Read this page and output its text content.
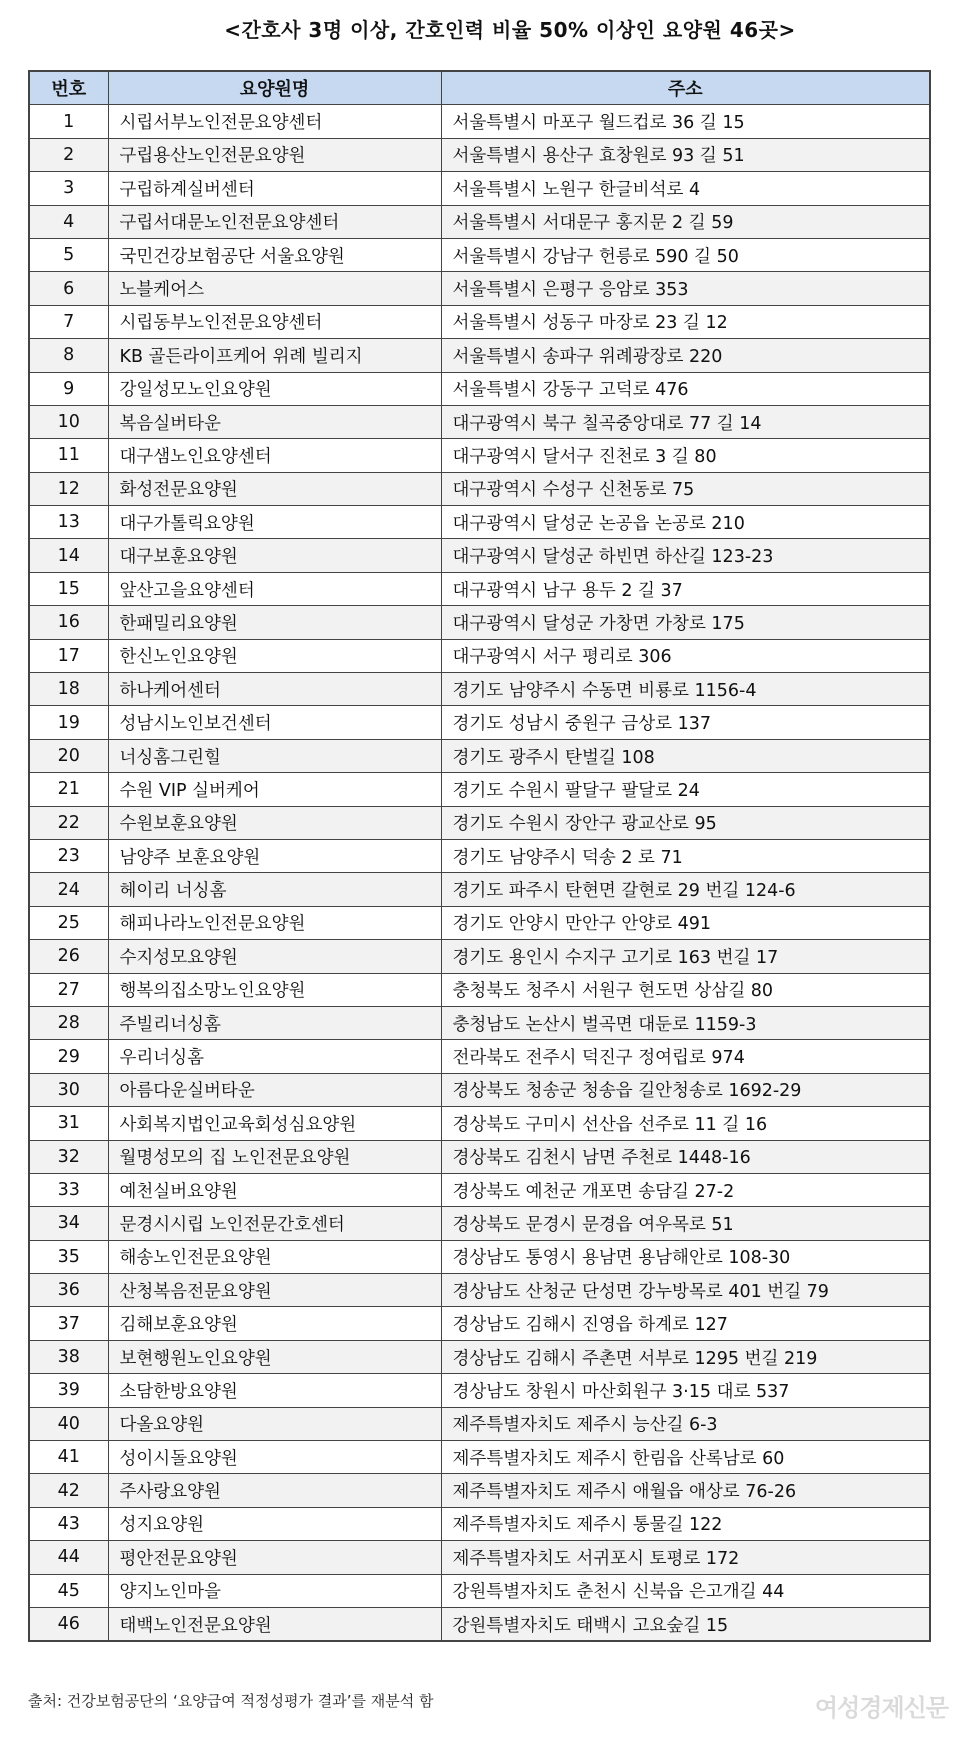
<간호사 3명 이상, 간호인력 비율 50% 이상인 요양원 46곳>
번호	요양원명	주소
1	시립서부노인전문요양센터	서울특별시 마포구 월드컵로 36 길 15
2	구립용산노인전문요양원	서울특별시 용산구 효창원로 93 길 51
3	구립하계실버센터	서울특별시 노원구 한글비석로 4
4	구립서대문노인전문요양센터	서울특별시 서대문구 홍지문 2 길 59
5	국민건강보험공단 서울요양원	서울특별시 강남구 헌릉로 590 길 50
6	노블케어스	서울특별시 은평구 응암로 353
7	시립동부노인전문요양센터	서울특별시 성동구 마장로 23 길 12
8	KB 골든라이프케어 위례 빌리지	서울특별시 송파구 위례광장로 220
9	강일성모노인요양원	서울특별시 강동구 고덕로 476
10	복음실버타운	대구광역시 북구 칠곡중앙대로 77 길 14
11	대구샘노인요양센터	대구광역시 달서구 진천로 3 길 80
12	화성전문요양원	대구광역시 수성구 신천동로 75
13	대구가톨릭요양원	대구광역시 달성군 논공읍 논공로 210
14	대구보훈요양원	대구광역시 달성군 하빈면 하산길 123-23
15	앞산고을요양센터	대구광역시 남구 용두 2 길 37
16	한패밀리요양원	대구광역시 달성군 가창면 가창로 175
17	한신노인요양원	대구광역시 서구 평리로 306
18	하나케어센터	경기도 남양주시 수동면 비룡로 1156-4
19	성남시노인보건센터	경기도 성남시 중원구 금상로 137
20	너싱홈그린힐	경기도 광주시 탄벌길 108
21	수원 VIP 실버케어	경기도 수원시 팔달구 팔달로 24
22	수원보훈요양원	경기도 수원시 장안구 광교산로 95
23	남양주 보훈요양원	경기도 남양주시 덕송 2 로 71
24	헤이리 너싱홈	경기도 파주시 탄현면 갈현로 29 번길 124-6
25	해피나라노인전문요양원	경기도 안양시 만안구 안양로 491
26	수지성모요양원	경기도 용인시 수지구 고기로 163 번길 17
27	행복의집소망노인요양원	충청북도 청주시 서원구 현도면 상삼길 80
28	주빌리너싱홈	충청남도 논산시 벌곡면 대둔로 1159-3
29	우리너싱홈	전라북도 전주시 덕진구 정여립로 974
30	아름다운실버타운	경상북도 청송군 청송읍 길안청송로 1692-29
31	사회복지법인교육회성심요양원	경상북도 구미시 선산읍 선주로 11 길 16
32	월명성모의 집 노인전문요양원	경상북도 김천시 남면 주천로 1448-16
33	예천실버요양원	경상북도 예천군 개포면 송담길 27-2
34	문경시시립 노인전문간호센터	경상북도 문경시 문경읍 여우목로 51
35	해송노인전문요양원	경상남도 통영시 용남면 용남해안로 108-30
36	산청복음전문요양원	경상남도 산청군 단성면 강누방목로 401 번길 79
37	김해보훈요양원	경상남도 김해시 진영읍 하계로 127
38	보현행원노인요양원	경상남도 김해시 주촌면 서부로 1295 번길 219
39	소담한방요양원	경상남도 창원시 마산회원구 3·15 대로 537
40	다올요양원	제주특별자치도 제주시 능산길 6-3
41	성이시돌요양원	제주특별자치도 제주시 한림읍 산록남로 60
42	주사랑요양원	제주특별자치도 제주시 애월읍 애상로 76-26
43	성지요양원	제주특별자치도 제주시 통물길 122
44	평안전문요양원	제주특별자치도 서귀포시 토평로 172
45	양지노인마을	강원특별자치도 춘천시 신북읍 은고개길 44
46	태백노인전문요양원	강원특별자치도 태백시 고요숲길 15
출처: 건강보험공단의 ‘요양급여 적정성평가 결과’를 재분석 함	여성경제신문
